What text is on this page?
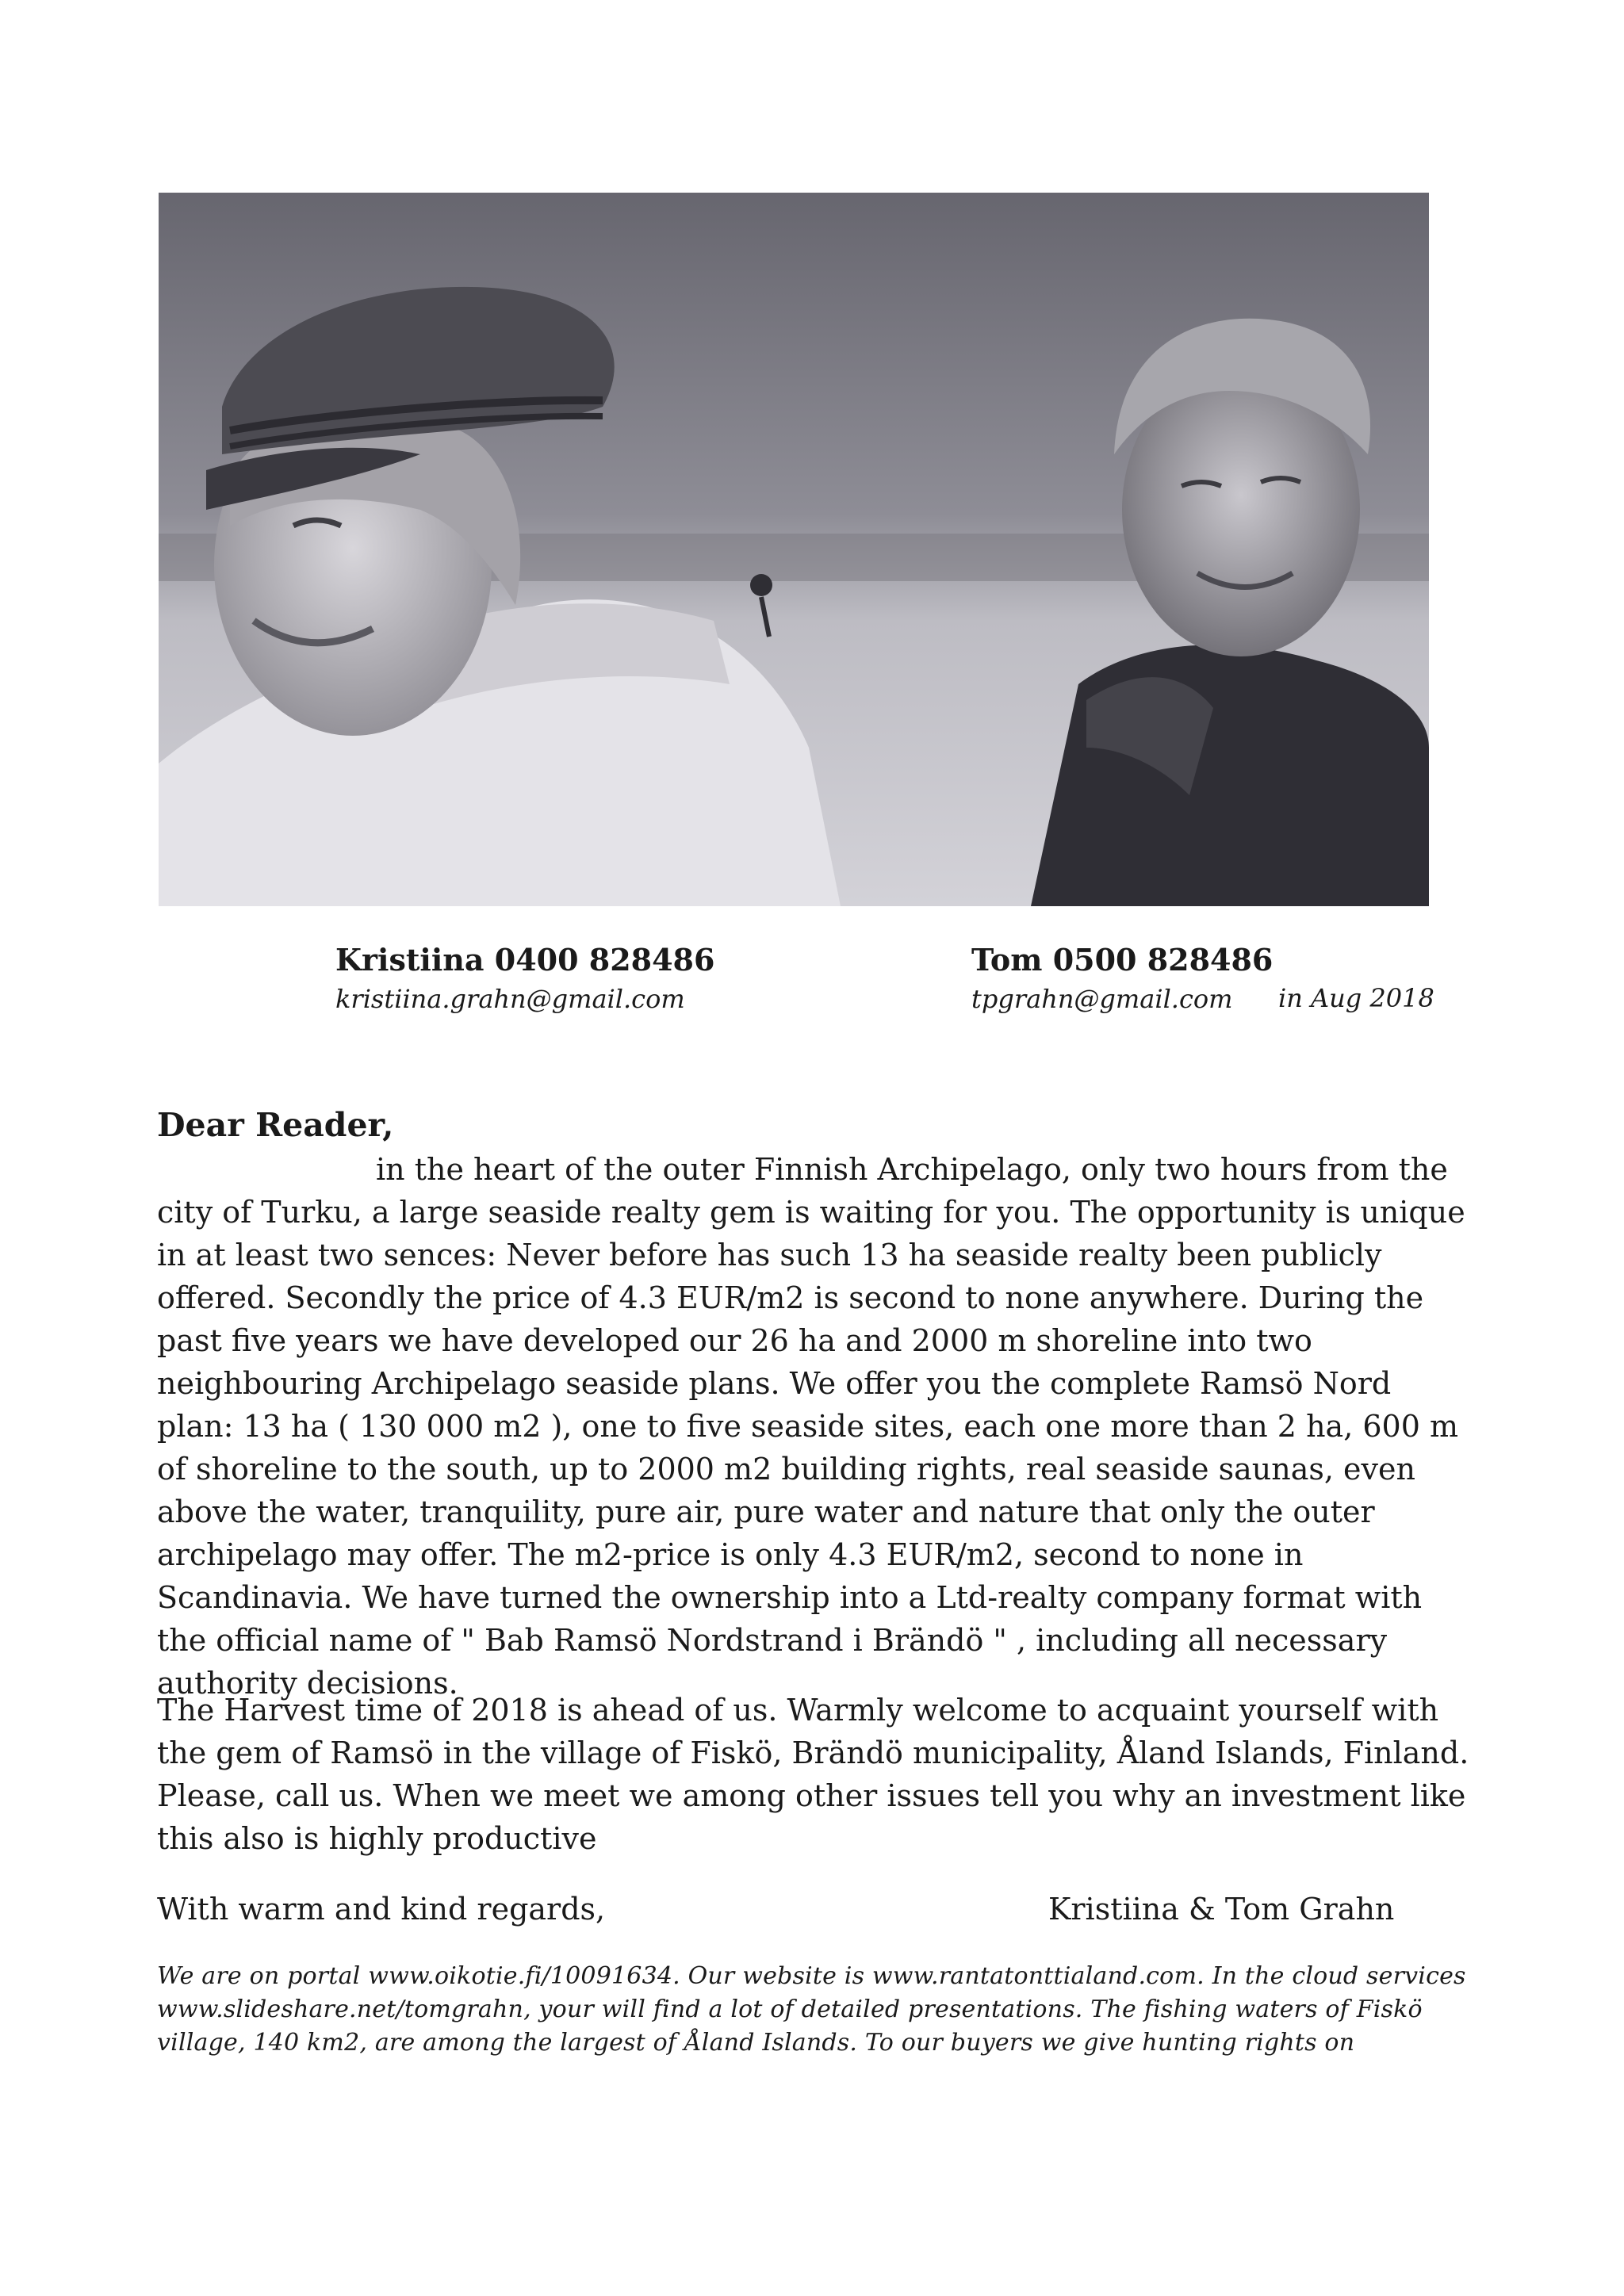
Kristiina 0400 828486
kristiina.grahn@gmail.com
Tom 0500 828486
tpgrahn@gmail.com	in Aug 2018
Dear Reader,
in the heart of the outer Finnish Archipelago, only two hours from the city of Turku, a large seaside realty gem is waiting for you. The opportunity is unique in at least two sences: Never before has such 13 ha seaside realty been publicly offered. Secondly the price of 4.3 EUR/m2 is second to none anywhere. During the past five years we have developed our 26 ha and 2000 m shoreline into two neighbouring Archipelago seaside plans. We offer you the complete Ramsö Nord plan: 13 ha ( 130 000 m2 ), one to five seaside sites, each one more than 2 ha, 600 m of shoreline to the south, up to 2000 m2 building rights, real seaside saunas, even above the water, tranquility, pure air, pure water and nature that only the outer archipelago may offer. The m2-price is only 4.3 EUR/m2, second to none in Scandinavia. We have turned the ownership into a Ltd-realty company format with the official name of " Bab Ramsö Nordstrand i Brändö " , including all necessary authority decisions.
The Harvest time of 2018 is ahead of us. Warmly welcome to acquaint yourself with the gem of Ramsö in the village of Fiskö, Brändö municipality, Åland Islands, Finland. Please, call us. When we meet we among other issues tell you why an investment like this also is highly productive
With warm and kind regards,	Kristiina & Tom Grahn
We are on portal www.oikotie.fi/10091634. Our website is www.rantatonttialand.com. In the cloud services www.slideshare.net/tomgrahn, your will find a lot of detailed presentations. The fishing waters of Fiskö village, 140 km2, are among the largest of Åland Islands. To our buyers we give hunting rights on
